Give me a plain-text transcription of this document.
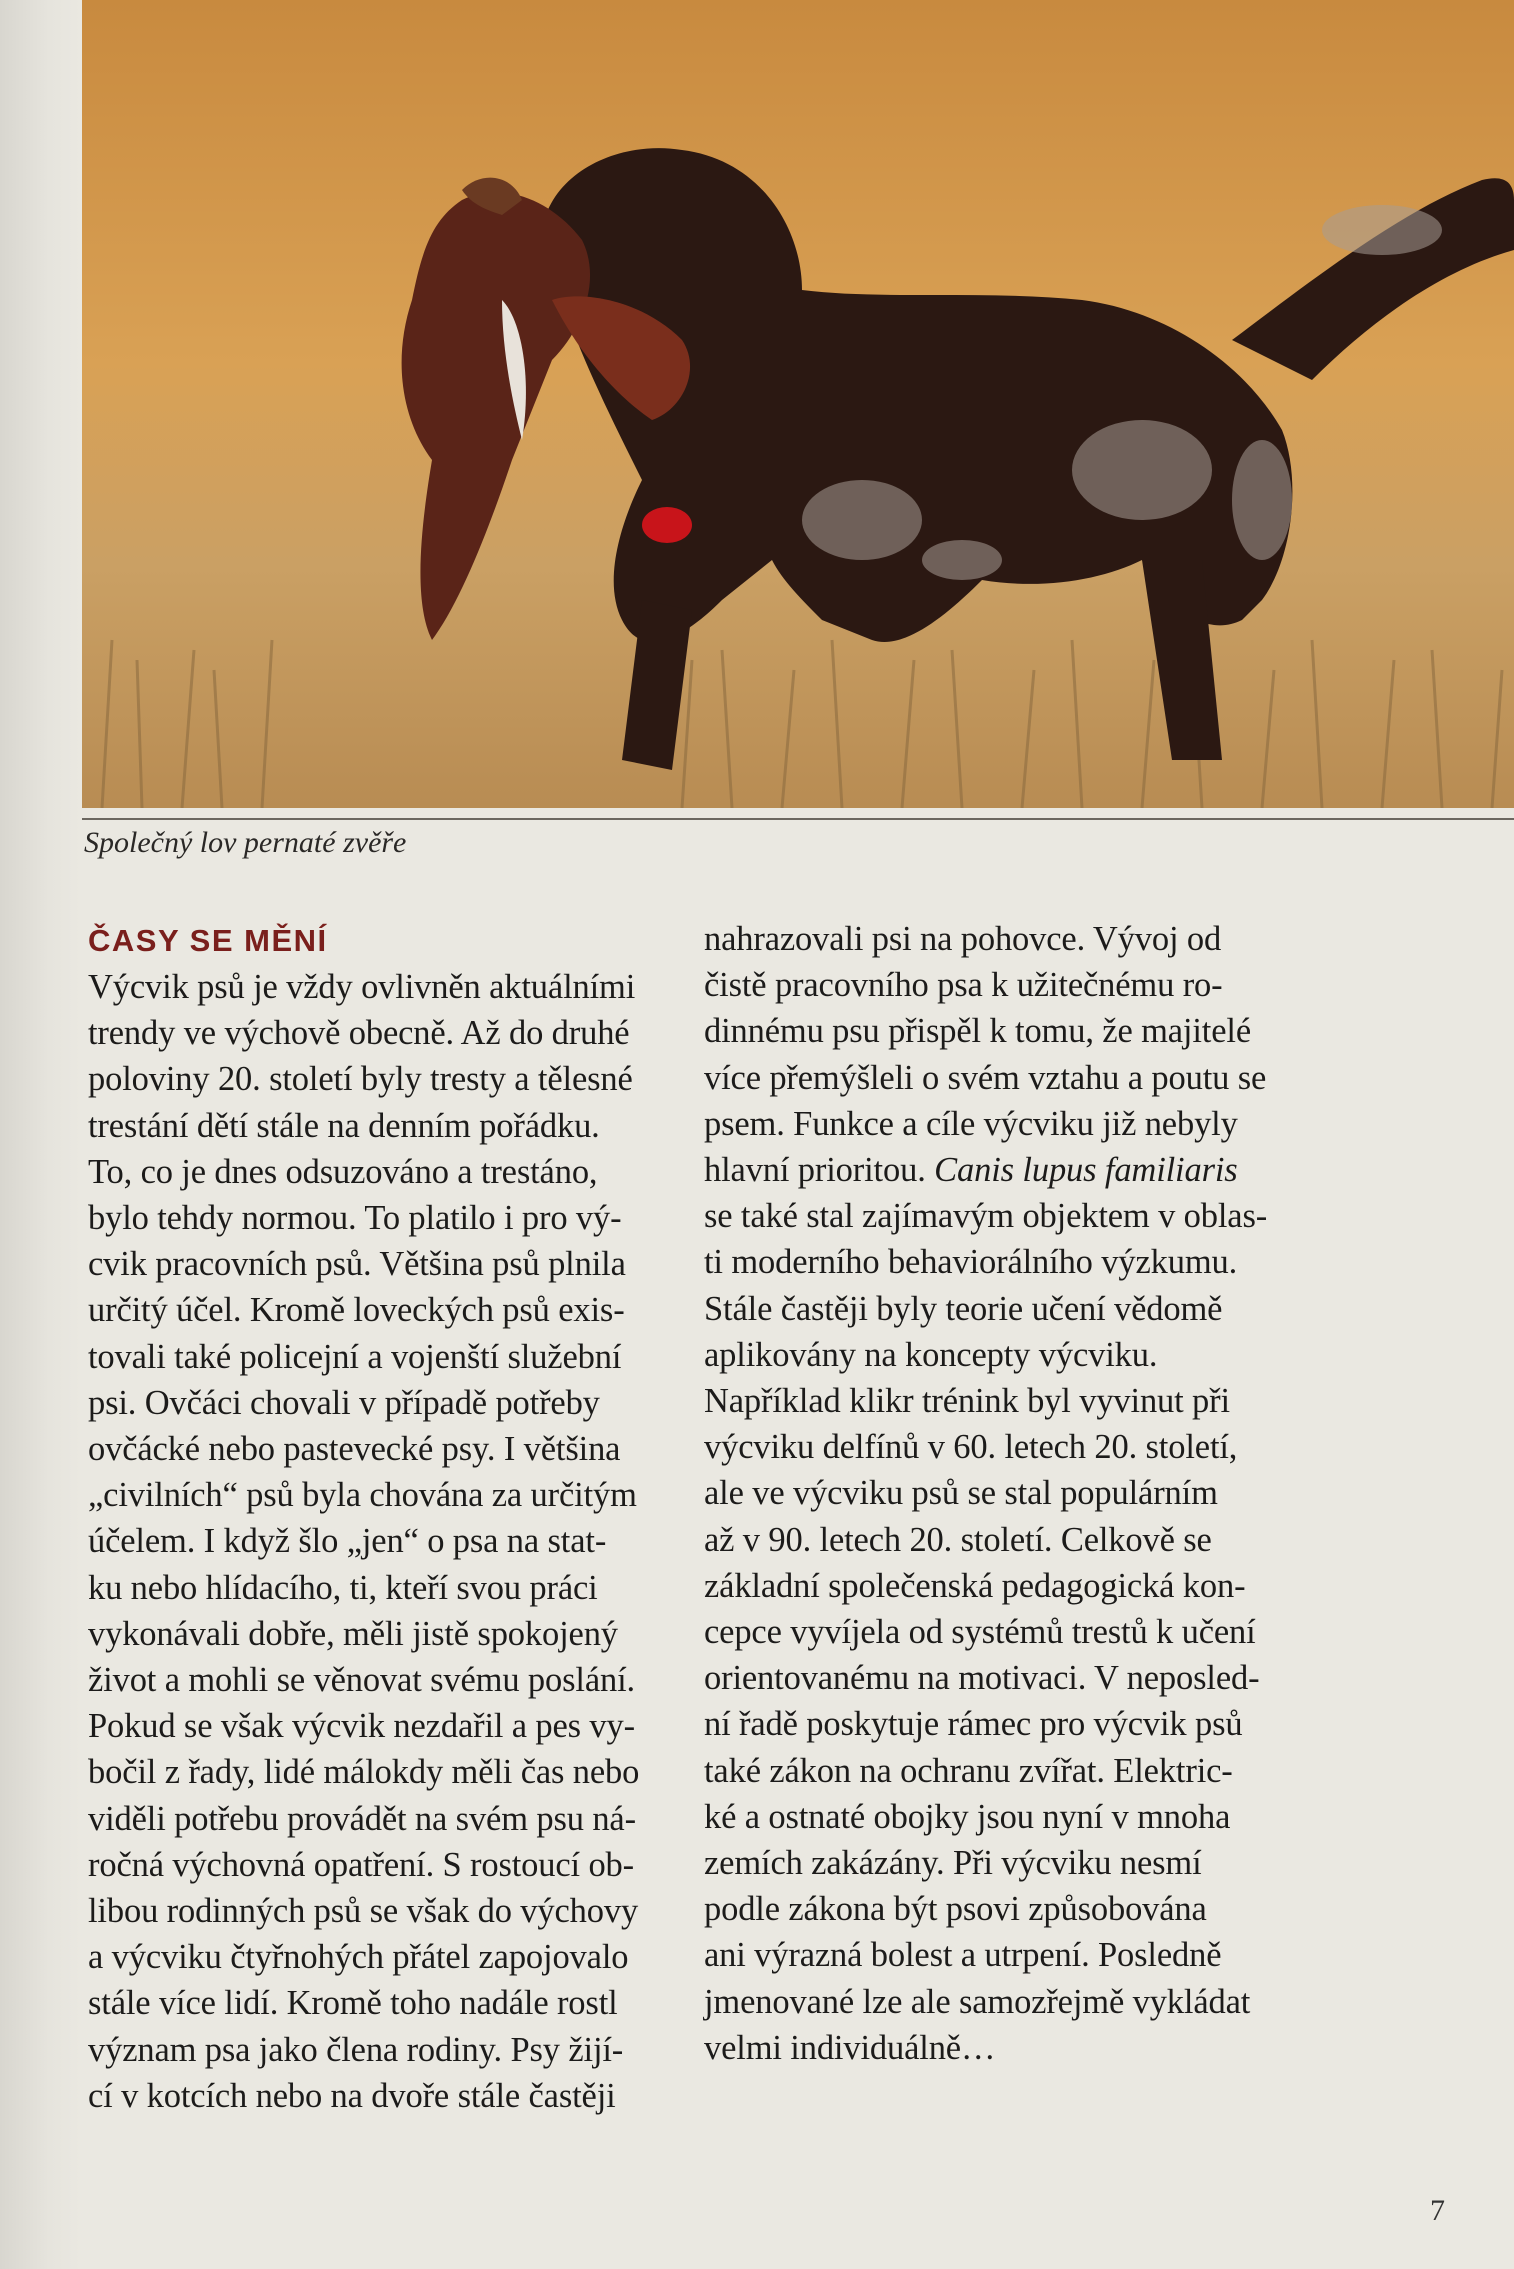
Společný lov pernaté zvěře
ČASY SE MĚNÍ
Výcvik psů je vždy ovlivněn aktuálními
trendy ve výchově obecně. Až do druhé
poloviny 20. století byly tresty a tělesné
trestání dětí stále na denním pořádku.
To, co je dnes odsuzováno a trestáno,
bylo tehdy normou. To platilo i pro vý-
cvik pracovních psů. Většina psů plnila
určitý účel. Kromě loveckých psů exis-
tovali také policejní a vojenští služební
psi. Ovčáci chovali v případě potřeby
ovčácké nebo pastevecké psy. I většina
„civilních“ psů byla chována za určitým
účelem. I když šlo „jen“ o psa na stat-
ku nebo hlídacího, ti, kteří svou práci
vykonávali dobře, měli jistě spokojený
život a mohli se věnovat svému poslání.
Pokud se však výcvik nezdařil a pes vy-
bočil z řady, lidé málokdy měli čas nebo
viděli potřebu provádět na svém psu ná-
ročná výchovná opatření. S rostoucí ob-
libou rodinných psů se však do výchovy
a výcviku čtyřnohých přátel zapojovalo
stále více lidí. Kromě toho nadále rostl
význam psa jako člena rodiny. Psy žijí-
cí v kotcích nebo na dvoře stále častěji
nahrazovali psi na pohovce. Vývoj od
čistě pracovního psa k užitečnému ro-
dinnému psu přispěl k tomu, že majitelé
více přemýšleli o svém vztahu a poutu se
psem. Funkce a cíle výcviku již nebyly
hlavní prioritou. Canis lupus familiaris
se také stal zajímavým objektem v oblas-
ti moderního behaviorálního výzkumu.
Stále častěji byly teorie učení vědomě
aplikovány na koncepty výcviku.
Například klikr trénink byl vyvinut při
výcviku delfínů v 60. letech 20. století,
ale ve výcviku psů se stal populárním
až v 90. letech 20. století. Celkově se
základní společenská pedagogická kon-
cepce vyvíjela od systémů trestů k učení
orientovanému na motivaci. V neposled-
ní řadě poskytuje rámec pro výcvik psů
také zákon na ochranu zvířat. Elektric-
ké a ostnaté obojky jsou nyní v mnoha
zemích zakázány. Při výcviku nesmí
podle zákona být psovi způsobována
ani výrazná bolest a utrpení. Posledně
jmenované lze ale samozřejmě vykládat
velmi individuálně…
7
